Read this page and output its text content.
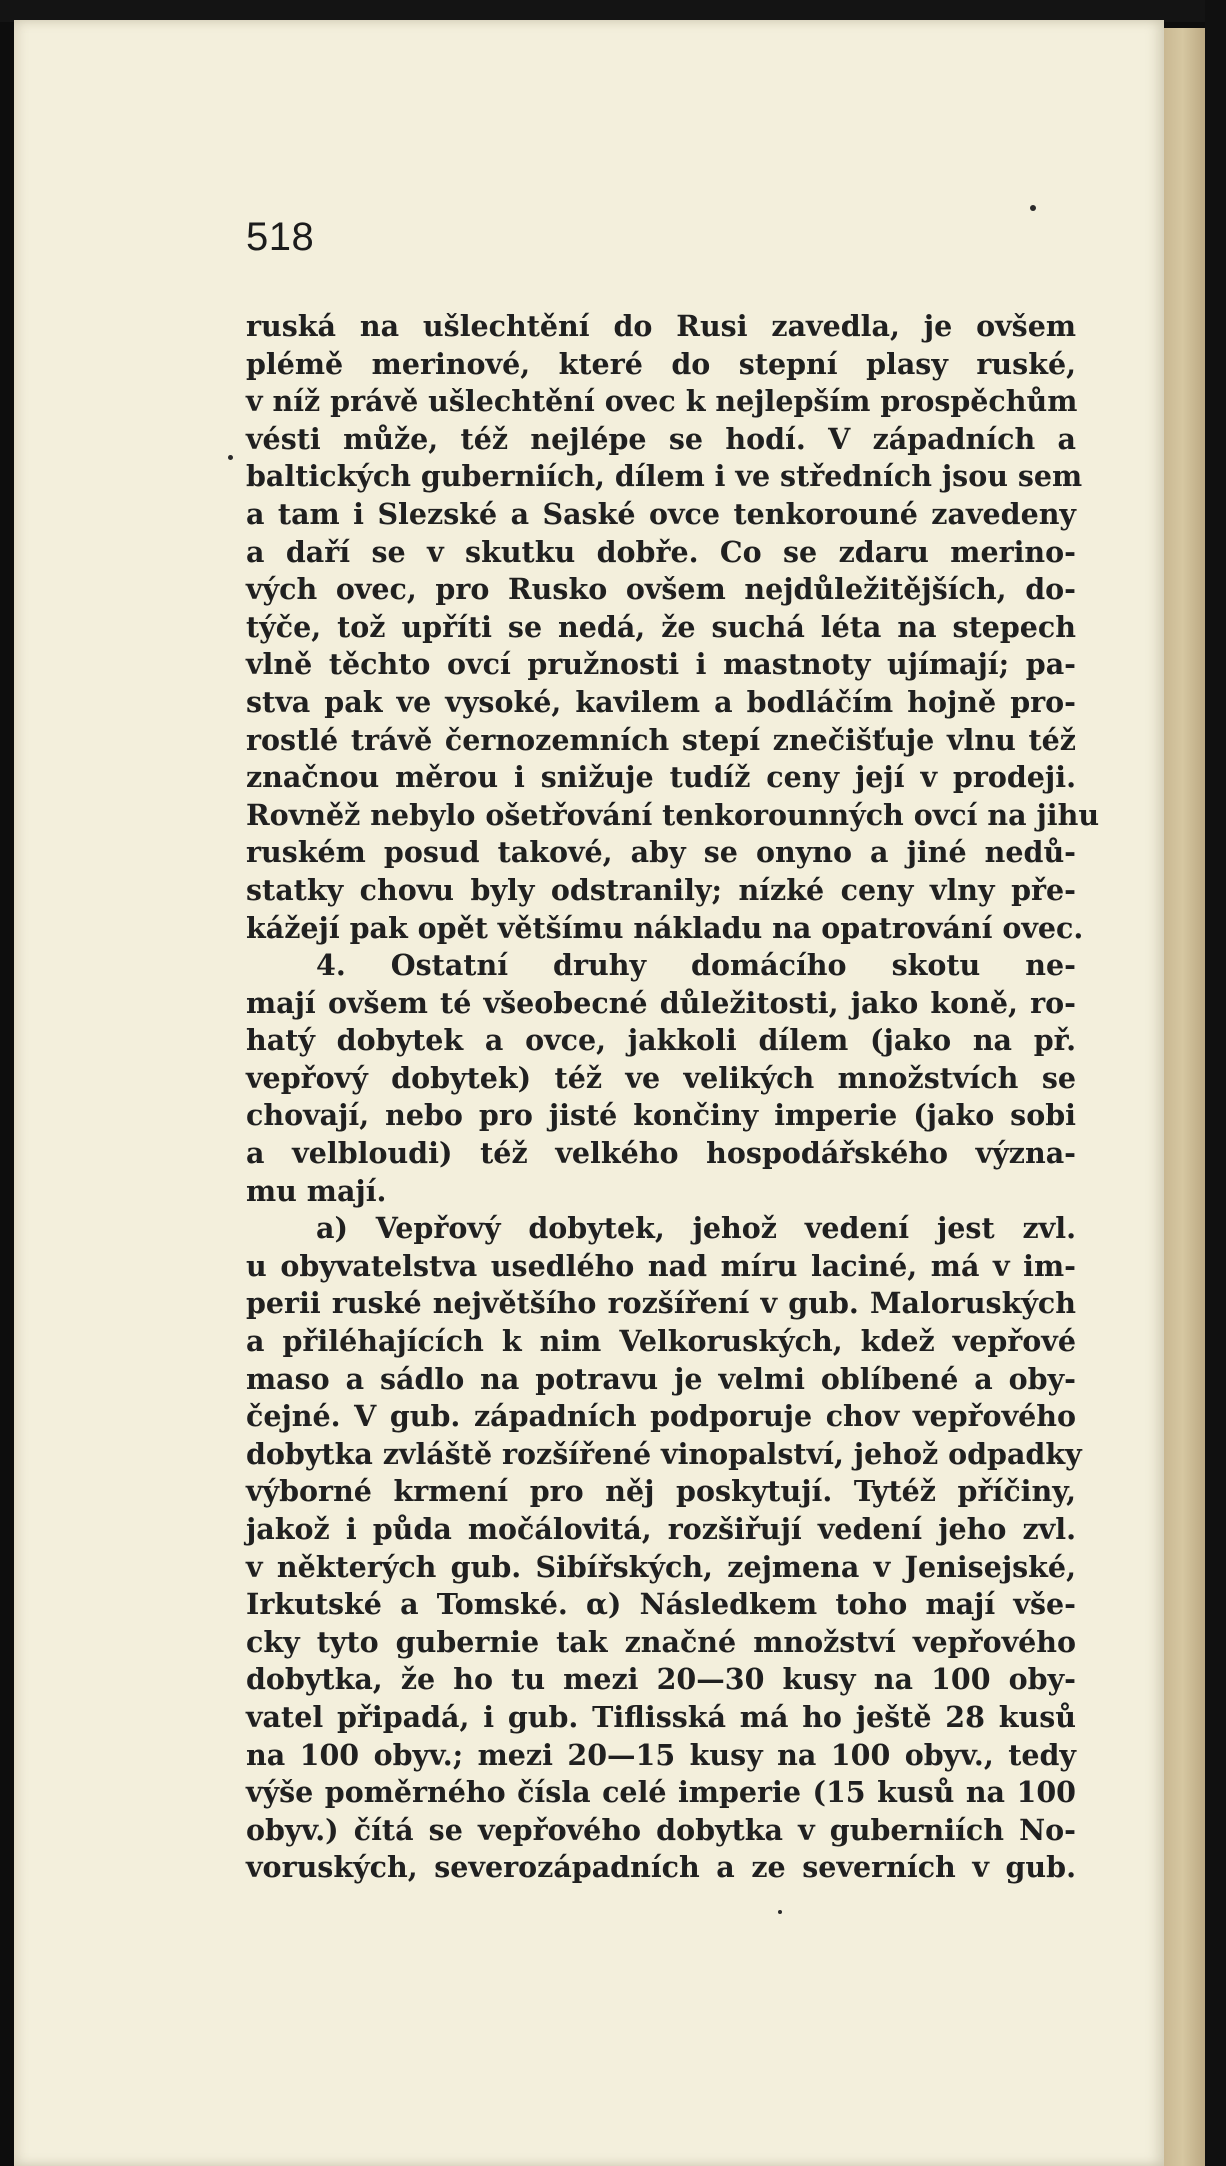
518
ruská na ušlechtění do Rusi zavedla, je ovšem
plémě merinové, které do stepní plasy ruské,
v níž právě ušlechtění ovec k nejlepším prospěchům
vésti může, též nejlépe se hodí. V západních a
baltických guberniích, dílem i ve středních jsou sem
a tam i Slezské a Saské ovce tenkorouné zavedeny
a daří se v skutku dobře. Co se zdaru merino-
vých ovec, pro Rusko ovšem nejdůležitějších, do-
týče, tož upříti se nedá, že suchá léta na stepech
vlně těchto ovcí pružnosti i mastnoty ujímají; pa-
stva pak ve vysoké, kavilem a bodláčím hojně pro-
rostlé trávě černozemních stepí znečišťuje vlnu též
značnou měrou i snižuje tudíž ceny její v prodeji.
Rovněž nebylo ošetřování tenkorounných ovcí na jihu
ruském posud takové, aby se onyno a jiné nedů-
statky chovu byly odstranily; nízké ceny vlny pře-
kážejí pak opět většímu nákladu na opatrování ovec.
4. Ostatní druhy domácího skotu ne-
mají ovšem té všeobecné důležitosti, jako koně, ro-
hatý dobytek a ovce, jakkoli dílem (jako na př.
vepřový dobytek) též ve velikých množstvích se
chovají, nebo pro jisté končiny imperie (jako sobi
a velbloudi) též velkého hospodářského význa-
mu mají.
a) Vepřový dobytek, jehož vedení jest zvl.
u obyvatelstva usedlého nad míru laciné, má v im-
perii ruské největšího rozšíření v gub. Maloruských
a přiléhajících k nim Velkoruských, kdež vepřové
maso a sádlo na potravu je velmi oblíbené a oby-
čejné. V gub. západních podporuje chov vepřového
dobytka zvláště rozšířené vinopalství, jehož odpadky
výborné krmení pro něj poskytují. Tytéž příčiny,
jakož i půda močálovitá, rozšiřují vedení jeho zvl.
v některých gub. Sibířských, zejmena v Jenisejské,
Irkutské a Tomské. α) Následkem toho mají vše-
cky tyto gubernie tak značné množství vepřového
dobytka, že ho tu mezi 20—30 kusy na 100 oby-
vatel připadá, i gub. Tiflisská má ho ještě 28 kusů
na 100 obyv.; mezi 20—15 kusy na 100 obyv., tedy
výše poměrného čísla celé imperie (15 kusů na 100
obyv.) čítá se vepřového dobytka v guberniích No-
voruských, severozápadních a ze severních v gub.
